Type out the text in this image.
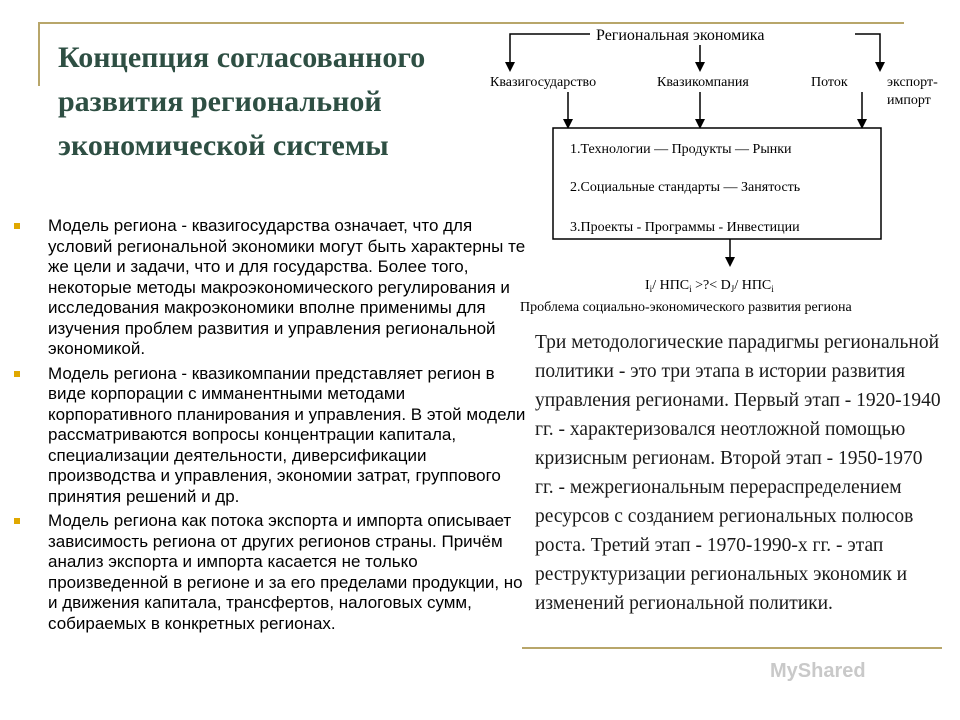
Концепция согласованного
развития региональной
экономической системы
Региональная экономика
Квазигосударство	Квазикомпания	Поток	экспорт-
импорт
1.Технологии — Продукты — Рынки
2.Социальные стандарты — Занятость
3.Проекты - Программы - Инвестиции
$I_i/$ $НПС_i$ >?< $D_J/$ $НПС_i$
Проблема социально-экономического развития региона
Модель региона - квазигосударства означает, что для условий региональной экономики могут быть характерны те же цели и задачи, что и для государства. Более того, некоторые методы макроэкономического регулирования и исследования макроэкономики вполне применимы для изучения проблем развития и управления региональной экономикой.
Модель региона - квазикомпании представляет регион в виде корпорации с имманентными методами корпоративного планирования и управления. В этой модели рассматриваются вопросы концентрации капитала, специализации деятельности, диверсификации производства и управления, экономии затрат, группового принятия решений и др.
Модель региона как потока экспорта и импорта описывает зависимость региона от других регионов страны. Причём анализ экспорта и импорта касается не только произведенной в регионе и за его пределами продукции, но и движения капитала, трансфертов, налоговых сумм, собираемых в конкретных регионах.

Три методологические парадигмы региональной политики - это три этапа в истории развития управления регионами. Первый этап - 1920-1940 гг. - характеризовался неотложной помощью кризисным регионам. Второй этап - 1950-1970 гг. - межрегиональным перераспределением ресурсов с созданием региональных полюсов роста. Третий этап - 1970-1990-х гг. - этап реструктуризации региональных экономик и изменений региональной политики.

MyShared
